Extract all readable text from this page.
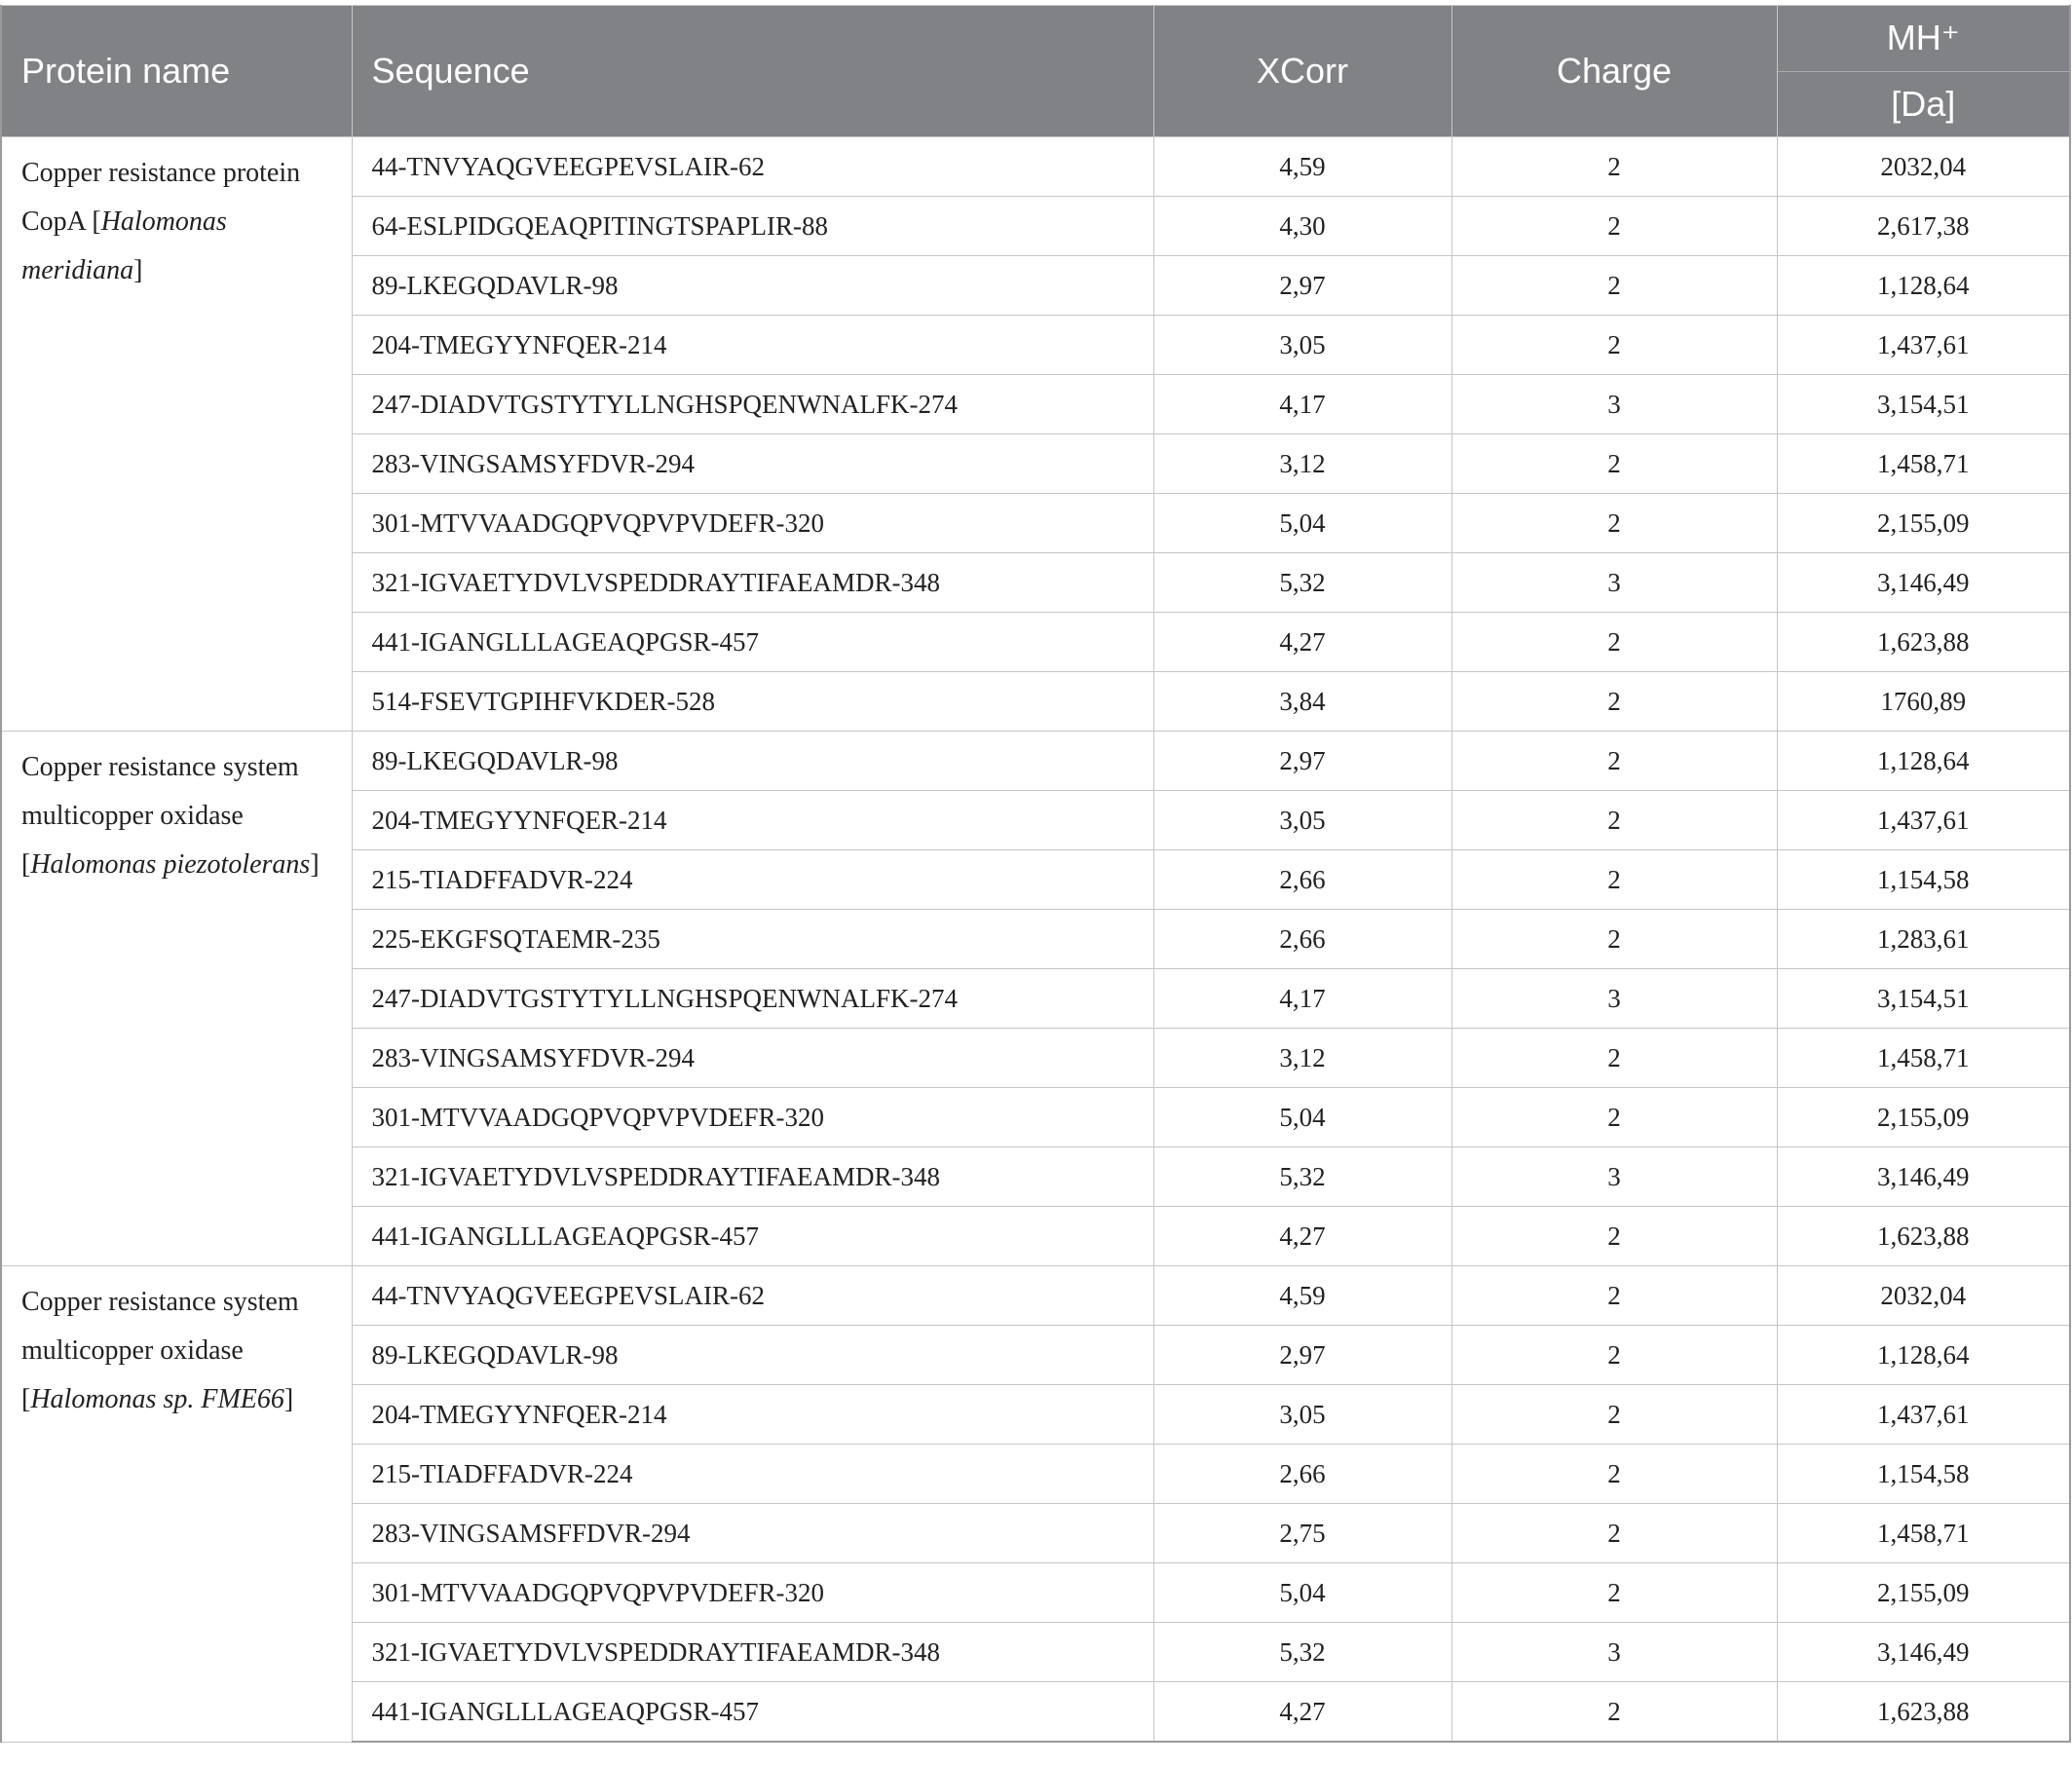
Protein name	Sequence	XCorr	Charge	MH⁺
				[Da]
Copper resistance protein CopA [Halomonas meridiana]	44-TNVYAQGVEEGPEVSLAIR-62	4,59	2	2032,04
	64-ESLPIDGQEAQPITINGTSPAPLIR-88	4,30	2	2,617,38
	89-LKEGQDAVLR-98	2,97	2	1,128,64
	204-TMEGYYNFQER-214	3,05	2	1,437,61
	247-DIADVTGSTYTYLLNGHSPQENWNALFK-274	4,17	3	3,154,51
	283-VINGSAMSYFDVR-294	3,12	2	1,458,71
	301-MTVVAADGQPVQPVPVDEFR-320	5,04	2	2,155,09
	321-IGVAETYDVLVSPEDDRAYTIFAEAMDR-348	5,32	3	3,146,49
	441-IGANGLLLAGEAQPGSR-457	4,27	2	1,623,88
	514-FSEVTGPIHFVKDER-528	3,84	2	1760,89
Copper resistance system multicopper oxidase [Halomonas piezotolerans]	89-LKEGQDAVLR-98	2,97	2	1,128,64
	204-TMEGYYNFQER-214	3,05	2	1,437,61
	215-TIADFFADVR-224	2,66	2	1,154,58
	225-EKGFSQTAEMR-235	2,66	2	1,283,61
	247-DIADVTGSTYTYLLNGHSPQENWNALFK-274	4,17	3	3,154,51
	283-VINGSAMSYFDVR-294	3,12	2	1,458,71
	301-MTVVAADGQPVQPVPVDEFR-320	5,04	2	2,155,09
	321-IGVAETYDVLVSPEDDRAYTIFAEAMDR-348	5,32	3	3,146,49
	441-IGANGLLLAGEAQPGSR-457	4,27	2	1,623,88
Copper resistance system multicopper oxidase [Halomonas sp. FME66]	44-TNVYAQGVEEGPEVSLAIR-62	4,59	2	2032,04
	89-LKEGQDAVLR-98	2,97	2	1,128,64
	204-TMEGYYNFQER-214	3,05	2	1,437,61
	215-TIADFFADVR-224	2,66	2	1,154,58
	283-VINGSAMSFFDVR-294	2,75	2	1,458,71
	301-MTVVAADGQPVQPVPVDEFR-320	5,04	2	2,155,09
	321-IGVAETYDVLVSPEDDRAYTIFAEAMDR-348	5,32	3	3,146,49
	441-IGANGLLLAGEAQPGSR-457	4,27	2	1,623,88
